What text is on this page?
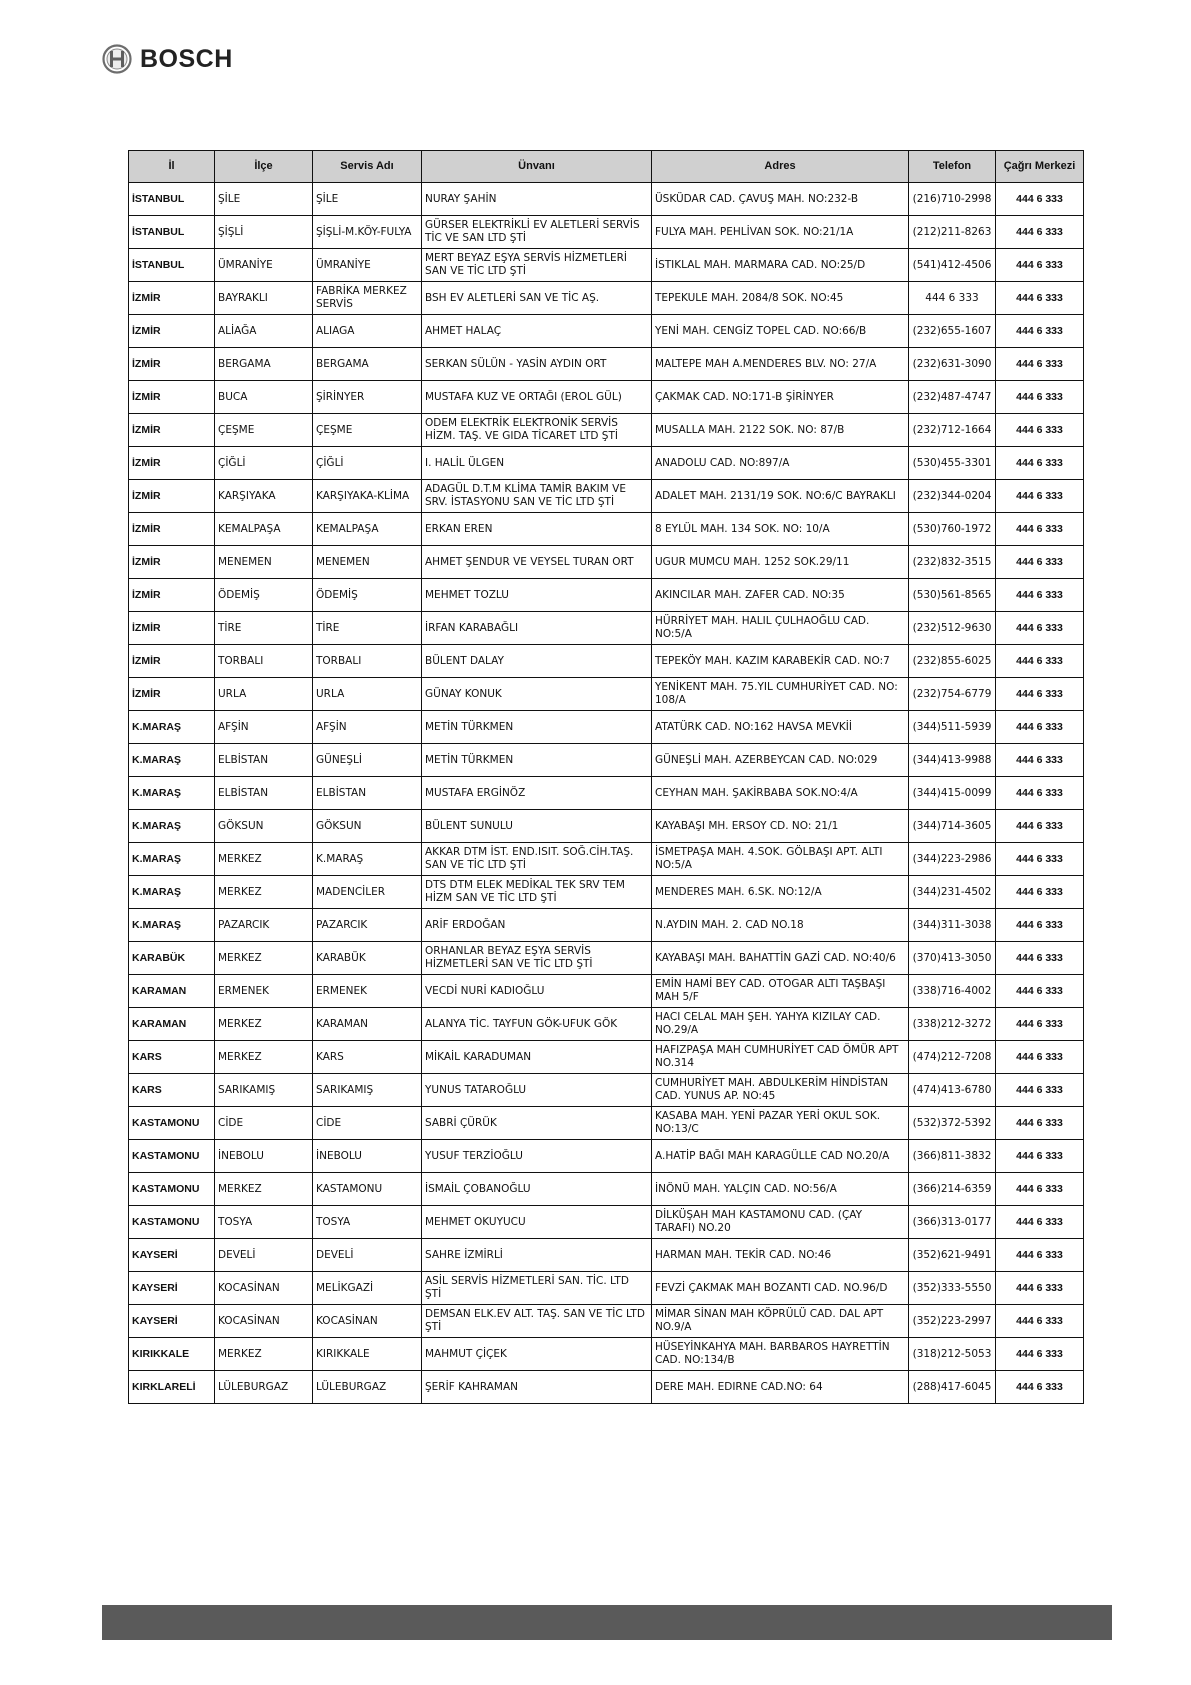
BOSCH
İl	İlçe	Servis Adı	Ünvanı	Adres	Telefon	Çağrı Merkezi
İSTANBUL	ŞİLE	ŞİLE	NURAY ŞAHİN	ÜSKÜDAR CAD. ÇAVUŞ MAH. NO:232-B	(216)710-2998	444 6 333
İSTANBUL	ŞİŞLİ	ŞİŞLİ-M.KÖY-FULYA	GÜRSER ELEKTRİKLİ EV ALETLERİ SERVİS TİC VE SAN LTD ŞTİ	FULYA MAH. PEHLİVAN SOK. NO:21/1A	(212)211-8263	444 6 333
İSTANBUL	ÜMRANİYE	ÜMRANİYE	MERT BEYAZ EŞYA SERVİS HİZMETLERİ SAN VE TİC LTD ŞTİ	İSTIKLAL MAH. MARMARA CAD. NO:25/D	(541)412-4506	444 6 333
İZMİR	BAYRAKLI	FABRİKA MERKEZ SERVİS	BSH EV ALETLERİ SAN VE TİC AŞ.	TEPEKULE MAH. 2084/8 SOK. NO:45	444 6 333	444 6 333
İZMİR	ALİAĞA	ALIAGA	AHMET HALAÇ	YENİ MAH. CENGİZ TOPEL CAD. NO:66/B	(232)655-1607	444 6 333
İZMİR	BERGAMA	BERGAMA	SERKAN SÜLÜN - YASİN AYDIN ORT	MALTEPE MAH A.MENDERES BLV. NO: 27/A	(232)631-3090	444 6 333
İZMİR	BUCA	ŞİRİNYER	MUSTAFA KUZ VE ORTAĞI (EROL GÜL)	ÇAKMAK CAD. NO:171-B ŞİRİNYER	(232)487-4747	444 6 333
İZMİR	ÇEŞME	ÇEŞME	ODEM ELEKTRİK ELEKTRONİK SERVİS HİZM. TAŞ. VE GIDA TİCARET LTD ŞTİ	MUSALLA MAH. 2122 SOK. NO: 87/B	(232)712-1664	444 6 333
İZMİR	ÇİĞLİ	ÇİĞLİ	I. HALİL ÜLGEN	ANADOLU CAD. NO:897/A	(530)455-3301	444 6 333
İZMİR	KARŞIYAKA	KARŞIYAKA-KLİMA	ADAGÜL D.T.M KLİMA TAMİR BAKIM VE SRV. İSTASYONU SAN VE TİC LTD ŞTİ	ADALET MAH. 2131/19 SOK. NO:6/C BAYRAKLI	(232)344-0204	444 6 333
İZMİR	KEMALPAŞA	KEMALPAŞA	ERKAN EREN	8 EYLÜL MAH. 134 SOK. NO: 10/A	(530)760-1972	444 6 333
İZMİR	MENEMEN	MENEMEN	AHMET ŞENDUR VE VEYSEL TURAN ORT	UGUR MUMCU MAH. 1252 SOK.29/11	(232)832-3515	444 6 333
İZMİR	ÖDEMİŞ	ÖDEMİŞ	MEHMET TOZLU	AKINCILAR MAH. ZAFER CAD. NO:35	(530)561-8565	444 6 333
İZMİR	TİRE	TİRE	İRFAN KARABAĞLI	HÜRRİYET MAH. HALIL ÇULHAOĞLU CAD. NO:5/A	(232)512-9630	444 6 333
İZMİR	TORBALI	TORBALI	BÜLENT DALAY	TEPEKÖY MAH. KAZIM KARABEKİR CAD. NO:7	(232)855-6025	444 6 333
İZMİR	URLA	URLA	GÜNAY KONUK	YENİKENT MAH. 75.YIL CUMHURİYET CAD. NO: 108/A	(232)754-6779	444 6 333
K.MARAŞ	AFŞİN	AFŞİN	METİN TÜRKMEN	ATATÜRK CAD. NO:162 HAVSA MEVKİİ	(344)511-5939	444 6 333
K.MARAŞ	ELBİSTAN	GÜNEŞLİ	METİN TÜRKMEN	GÜNEŞLİ MAH. AZERBEYCAN CAD. NO:029	(344)413-9988	444 6 333
K.MARAŞ	ELBİSTAN	ELBİSTAN	MUSTAFA ERGİNÖZ	CEYHAN MAH. ŞAKİRBABA SOK.NO:4/A	(344)415-0099	444 6 333
K.MARAŞ	GÖKSUN	GÖKSUN	BÜLENT SUNULU	KAYABAŞI MH. ERSOY CD. NO: 21/1	(344)714-3605	444 6 333
K.MARAŞ	MERKEZ	K.MARAŞ	AKKAR DTM İST. END.ISIT. SOĞ.CİH.TAŞ. SAN VE TİC LTD ŞTİ	İSMETPAŞA MAH. 4.SOK. GÖLBAŞI APT. ALTI NO:5/A	(344)223-2986	444 6 333
K.MARAŞ	MERKEZ	MADENCİLER	DTS DTM ELEK MEDİKAL TEK SRV TEM HİZM SAN VE TİC LTD ŞTİ	MENDERES MAH. 6.SK. NO:12/A	(344)231-4502	444 6 333
K.MARAŞ	PAZARCIK	PAZARCIK	ARİF ERDOĞAN	N.AYDIN MAH. 2. CAD NO.18	(344)311-3038	444 6 333
KARABÜK	MERKEZ	KARABÜK	ORHANLAR BEYAZ EŞYA SERVİS HİZMETLERİ SAN VE TİC LTD ŞTİ	KAYABAŞI MAH. BAHATTİN GAZİ CAD. NO:40/6	(370)413-3050	444 6 333
KARAMAN	ERMENEK	ERMENEK	VECDİ NURİ KADIOĞLU	EMİN HAMİ BEY CAD. OTOGAR ALTI TAŞBAŞI MAH 5/F	(338)716-4002	444 6 333
KARAMAN	MERKEZ	KARAMAN	ALANYA TİC. TAYFUN GÖK-UFUK GÖK	HACI CELAL MAH ŞEH. YAHYA KIZILAY CAD. NO.29/A	(338)212-3272	444 6 333
KARS	MERKEZ	KARS	MİKAİL KARADUMAN	HAFIZPAŞA MAH CUMHURİYET CAD ÖMÜR APT NO.314	(474)212-7208	444 6 333
KARS	SARIKAMIŞ	SARIKAMIŞ	YUNUS TATAROĞLU	CUMHURİYET MAH. ABDULKERİM HİNDİSTAN CAD. YUNUS AP. NO:45	(474)413-6780	444 6 333
KASTAMONU	CİDE	CİDE	SABRİ ÇÜRÜK	KASABA MAH. YENİ PAZAR YERİ OKUL SOK. NO:13/C	(532)372-5392	444 6 333
KASTAMONU	İNEBOLU	İNEBOLU	YUSUF TERZİOĞLU	A.HATİP BAĞI MAH KARAGÜLLE CAD NO.20/A	(366)811-3832	444 6 333
KASTAMONU	MERKEZ	KASTAMONU	İSMAİL ÇOBANOĞLU	İNÖNÜ MAH. YALÇIN CAD. NO:56/A	(366)214-6359	444 6 333
KASTAMONU	TOSYA	TOSYA	MEHMET OKUYUCU	DİLKÜŞAH MAH KASTAMONU CAD. (ÇAY TARAFI) NO.20	(366)313-0177	444 6 333
KAYSERİ	DEVELİ	DEVELİ	SAHRE İZMİRLİ	HARMAN MAH. TEKİR CAD. NO:46	(352)621-9491	444 6 333
KAYSERİ	KOCASİNAN	MELİKGAZİ	ASİL SERVİS HİZMETLERİ SAN. TİC. LTD ŞTİ	FEVZİ ÇAKMAK MAH BOZANTI CAD. NO.96/D	(352)333-5550	444 6 333
KAYSERİ	KOCASİNAN	KOCASİNAN	DEMSAN ELK.EV ALT. TAŞ. SAN VE TİC LTD ŞTİ	MİMAR SİNAN MAH KÖPRÜLÜ CAD. DAL APT NO.9/A	(352)223-2997	444 6 333
KIRIKKALE	MERKEZ	KIRIKKALE	MAHMUT ÇİÇEK	HÜSEYİNKAHYA MAH. BARBAROS HAYRETTİN CAD. NO:134/B	(318)212-5053	444 6 333
KIRKLARELİ	LÜLEBURGAZ	LÜLEBURGAZ	ŞERİF KAHRAMAN	DERE MAH. EDIRNE CAD.NO: 64	(288)417-6045	444 6 333
